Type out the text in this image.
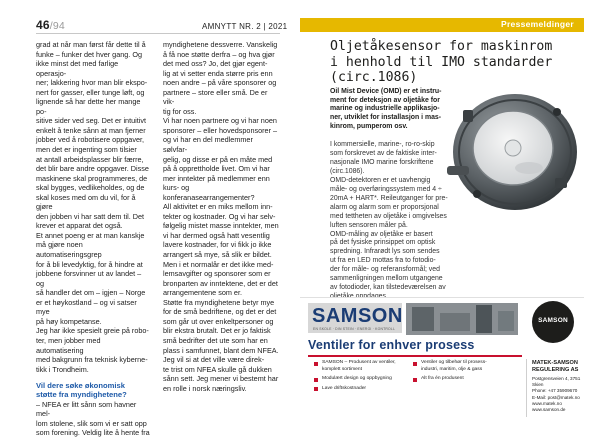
46/94	AMNYTT NR. 2 | 2021	Pressemeldinger
grad at når man først får dette til å
funke – funker det hver gang. Og
ikke minst det med farlige operasjo-
ner; lakkering hvor man blir ekspo-
nert for gasser, eller tunge løft, og
lignende så har dette her mange po-
sitive sider ved seg. Det er intuitivt
enkelt å tenke sånn at man fjerner
jobber ved å robotisere oppgaver,
men det er ingenting som tilsier
at antall arbeidsplasser blir færre,
det blir bare andre oppgaver. Disse
maskinene skal programmeres, de
skal bygges, vedlikeholdes, og de
skal koses med om du vil, for å gjøre
den jobben vi har satt dem til. Det
krever et apparat det også.
Et annet poeng er at man kanskje
må gjøre noen automatiseringsgrep
for å bli levedyktig, for å hindre at
jobbene forsvinner ut av landet – og
så handler det om – igjen – Norge
er et høykostland – og vi satser mye
på høy kompetanse.
Jeg har ikke spesielt greie på robo-
ter, men jobber med automatisering
med bakgrunn fra teknisk kyberne-
tikk i Trondheim.
Vil dere søke økonomisk
støtte fra myndighetene?
– NFEA er litt sånn som havner mel-
lom stolene, slik som vi er satt opp
som forening. Veldig lite å hente fra
myndighetene dessverre. Vanskelig
å få noe støtte derfra – og hva gjør
det med oss? Jo, det gjør egent-
lig at vi setter enda større pris enn
noen andre – på våre sponsorer og
partnere – store eller små. De er vik-
tig for oss.
Vi har noen partnere og vi har noen
sponsorer – eller hovedsponsorer –
og vi har en del medlemmer sølvfar-
gelig, og disse er på en måte med
på å opprettholde livet. Om vi har
mer inntekter på medlemmer enn
kurs- og konferanasearrangementer?
All aktivitet er en miks mellom inn-
tekter og kostnader. Og vi har selv-
følgelig mistet masse inntekter, men
vi har dermed også hatt vesentlig
lavere kostnader, for vi fikk jo ikke
arrangert så mye, så slik er bildet.
Men i et normalår er det ikke med-
lemsavgifter og sponsorer som er
bronparten av inntektene, det er det
arrangementene som er.
Støtte fra myndighetene betyr mye
for de små bedriftene, og det er det
som går ut over enkeltpersoner og
blir ekstra brutalt. Det er jo faktisk
små bedrifter det ute som har en
plass i samfunnet, blant dem NFEA.
Jeg vil si at det ville være direk-
te trist om NFEA skulle gå dukken
sånn sett. Jeg mener vi bestemt har
en rolle i norsk næringsliv.
Oljetåkesensor for maskinrom
i henhold til IMO standarder
(circ.1086)
Oil Mist Device (OMD) er et instru-
ment for deteksjon av oljetåke for
marine og industrielle applikasjo-
ner, utviklet for installasjon i mas-
kinrom, pumperom osv.
I kommersielle, marine-, ro-ro-skip
som forskrevet av de faktiske inter-
nasjonale IMO marine forskriftene
(circ.1086).
OMD-detektoren er et uavhengig
måle- og overføringssystem med 4 ÷
20mA + HART*. Reileutganger for pre-
alarm og alarm som er proporsjonal
med tettheten av oljetåke i omgivelses
luften sensoren måler på.
OMD-måling av oljetåke er basert
på det fysiske prinsippet om optisk
spredning. Infrarødt lys som sendes
ut fra en LED mottas fra to fotodio-
der for måle- og referansformål; ved
sammenligningen mellom utgangene
av fotodioder, kan tilstedeværelsen av
SAMSON
EN SKOLE · DIN STEIN · ENERGI · KONTROLL
SAMSON
Ventiler for enhver prosess
SAMSON – Produsent av ventiler, komplett sortiment
Modulært design og oppbygning
Lave driftskostnader
Ventiler og tilbehør til prosess-industri, maritim, olje & gass
Alt fra én produsent
MATEK-SAMSON
REGULERING AS
Postgrensveien 4, 3751 Skien
Phone: +47 35909670
E-Mail: post@matek.no
www.matek.no
www.samson.de
